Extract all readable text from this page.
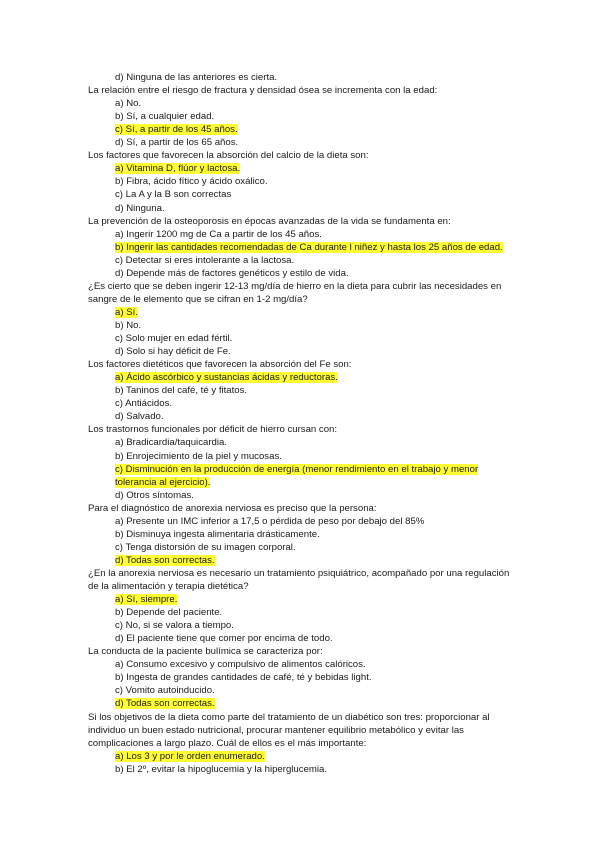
d) Ninguna de las anteriores es cierta.
La relación entre el riesgo de fractura y densidad ósea se incrementa con la edad:
a) No.
b) Sí, a cualquier edad.
c) Sí, a partir de los 45 años.
d) Sí, a partir de los 65 años.
Los factores que favorecen la absorción del calcio de la dieta son:
a) Vitamina D, flúor y lactosa.
b) Fibra, ácido fítico y ácido oxálico.
c) La A y la B son correctas
d) Ninguna.
La prevención de la osteoporosis en épocas avanzadas de la vida se fundamenta en:
a) Ingerir 1200 mg de Ca a partir de los 45 años.
b) Ingerir las cantidades recomendadas de Ca durante l niñez y hasta los 25 años de edad.
c) Detectar si eres intolerante a la lactosa.
d) Depende más de factores genéticos y estilo de vida.
¿Es cierto que se deben ingerir 12-13 mg/día de hierro en la dieta para cubrir las necesidades en
sangre de le elemento que se cifran en 1-2 mg/día?
a) Sí.
b) No.
c) Solo mujer en edad fértil.
d) Solo si hay déficit de Fe.
Los factores dietéticos que favorecen la absorción del Fe son:
a) Ácido ascórbico y sustancias ácidas y reductoras.
b) Taninos del café, té y fitatos.
c) Antiácidos.
d) Salvado.
Los trastornos funcionales por déficit de hierro cursan con:
a) Bradicardia/taquicardia.
b) Enrojecimiento de la piel y mucosas.
c) Disminución en la producción de energía (menor rendimiento en el trabajo y menor
tolerancia al ejercicio).
d) Otros síntomas.
Para el diagnóstico de anorexia nerviosa es preciso que la persona:
a) Presente un IMC inferior a 17,5 o pérdida de peso por debajo del 85%
b) Disminuya ingesta alimentaria drásticamente.
c) Tenga distorsión de su imagen corporal.
d) Todas son correctas.
¿En la anorexia nerviosa es necesario un tratamiento psiquiátrico, acompañado por una regulación
de la alimentación y terapia dietética?
a) Sí, siempre.
b) Depende del paciente.
c) No, si se valora a tiempo.
d) El paciente tiene que comer por encima de todo.
La conducta de la paciente bulímica se caracteriza por:
a) Consumo excesivo y compulsivo de alimentos calóricos.
b) Ingesta de grandes cantidades de café, té y bebidas light.
c) Vomito autoinducido.
d) Todas son correctas.
Si los objetivos de la dieta como parte del tratamiento de un diabético son tres: proporcionar al
individuo un buen estado nutricional, procurar mantener equilibrio metabólico y evitar las
complicaciones a largo plazo. Cuál de ellos es el más importante:
a) Los 3 y por le orden enumerado.
b) El 2º, evitar la hipoglucemia y la hiperglucemia.
